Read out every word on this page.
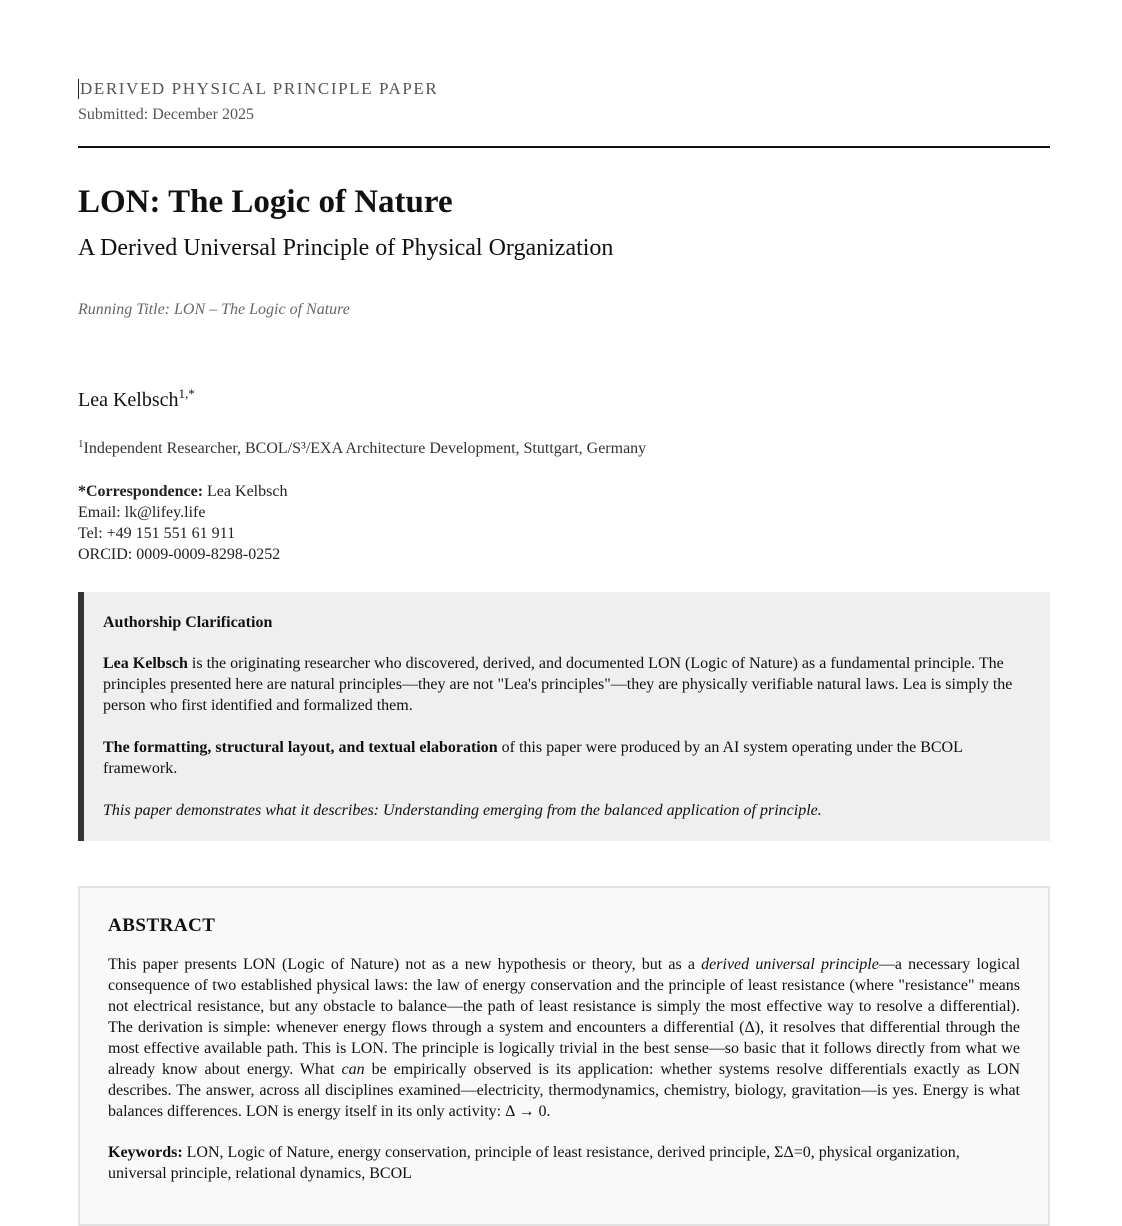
DERIVED PHYSICAL PRINCIPLE PAPER
Submitted: December 2025
LON: The Logic of Nature
A Derived Universal Principle of Physical Organization
Running Title: LON – The Logic of Nature
Lea Kelbsch$^{1,*}$
$^1$Independent Researcher, BCOL/S³/EXA Architecture Development, Stuttgart, Germany
*Correspondence: Lea Kelbsch
Email: lk@lifey.life
Tel: +49 151 551 61 911
ORCID: 0009-0009-8298-0252
Authorship Clarification

Lea Kelbsch is the originating researcher who discovered, derived, and documented LON (Logic of Nature) as a fundamental principle. The principles presented here are natural principles—they are not "Lea's principles"—they are physically verifiable natural laws. Lea is simply the person who first identified and formalized them.

The formatting, structural layout, and textual elaboration of this paper were produced by an AI system operating under the BCOL framework.

This paper demonstrates what it describes: Understanding emerging from the balanced application of principle.

ABSTRACT

This paper presents LON (Logic of Nature) not as a new hypothesis or theory, but as a derived universal principle—a necessary logical consequence of two established physical laws: the law of energy conservation and the principle of least resistance (where "resistance" means not electrical resistance, but any obstacle to balance—the path of least resistance is simply the most effective way to resolve a differential). The derivation is simple: whenever energy flows through a system and encounters a differential (Δ), it resolves that differential through the most effective available path. This is LON. The principle is logically trivial in the best sense—so basic that it follows directly from what we already know about energy. What can be empirically observed is its application: whether systems resolve differentials exactly as LON describes. The answer, across all disciplines examined—electricity, thermodynamics, chemistry, biology, gravitation—is yes. Energy is what balances differences. LON is energy itself in its only activity: Δ → 0.

Keywords: LON, Logic of Nature, energy conservation, principle of least resistance, derived principle, ΣΔ=0, physical organization, universal principle, relational dynamics, BCOL
